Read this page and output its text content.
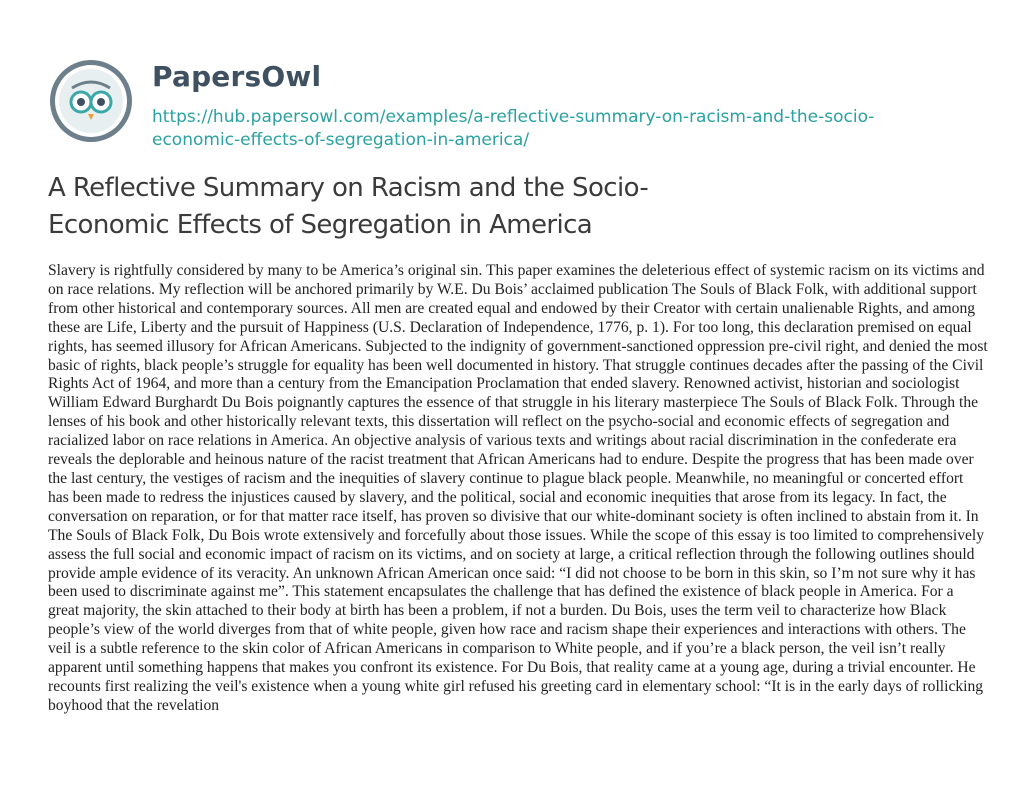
PapersOwl
https://hub.papersowl.com/examples/a-reflective-summary-on-racism-and-the-socio-
economic-effects-of-segregation-in-america/
A Reflective Summary on Racism and the Socio-
Economic Effects of Segregation in America

Slavery is rightfully considered by many to be America’s original sin. This paper examines the deleterious effect of systemic racism on its victims and on race relations. My reflection will be anchored primarily by W.E. Du Bois’ acclaimed publication The Souls of Black Folk, with additional support from other historical and contemporary sources. All men are created equal and endowed by their Creator with certain unalienable Rights, and among these are Life, Liberty and the pursuit of Happiness (U.S. Declaration of Independence, 1776, p. 1). For too long, this declaration premised on equal rights, has seemed illusory for African Americans. Subjected to the indignity of government-sanctioned oppression pre-civil right, and denied the most basic of rights, black people’s struggle for equality has been well documented in history. That struggle continues decades after the passing of the Civil Rights Act of 1964, and more than a century from the Emancipation Proclamation that ended slavery. Renowned activist, historian and sociologist William Edward Burghardt Du Bois poignantly captures the essence of that struggle in his literary masterpiece The Souls of Black Folk. Through the lenses of his book and other historically relevant texts, this dissertation will reflect on the psycho-social and economic effects of segregation and racialized labor on race relations in America. An objective analysis of various texts and writings about racial discrimination in the confederate era reveals the deplorable and heinous nature of the racist treatment that African Americans had to endure. Despite the progress that has been made over the last century, the vestiges of racism and the inequities of slavery continue to plague black people. Meanwhile, no meaningful or concerted effort has been made to redress the injustices caused by slavery, and the political, social and economic inequities that arose from its legacy. In fact, the conversation on reparation, or for that matter race itself, has proven so divisive that our white-dominant society is often inclined to abstain from it. In The Souls of Black Folk, Du Bois wrote extensively and forcefully about those issues. While the scope of this essay is too limited to comprehensively assess the full social and economic impact of racism on its victims, and on society at large, a critical reflection through the following outlines should provide ample evidence of its veracity. An unknown African American once said: “I did not choose to be born in this skin, so I’m not sure why it has been used to discriminate against me”. This statement encapsulates the challenge that has defined the existence of black people in America. For a great majority, the skin attached to their body at birth has been a problem, if not a burden. Du Bois, uses the term veil to characterize how Black people’s view of the world diverges from that of white people, given how race and racism shape their experiences and interactions with others. The veil is a subtle reference to the skin color of African Americans in comparison to White people, and if you’re a black person, the veil isn’t really apparent until something happens that makes you confront its existence. For Du Bois, that reality came at a young age, during a trivial encounter. He recounts first realizing the veil's existence when a young white girl refused his greeting card in elementary school: “It is in the early days of rollicking boyhood that the revelation
